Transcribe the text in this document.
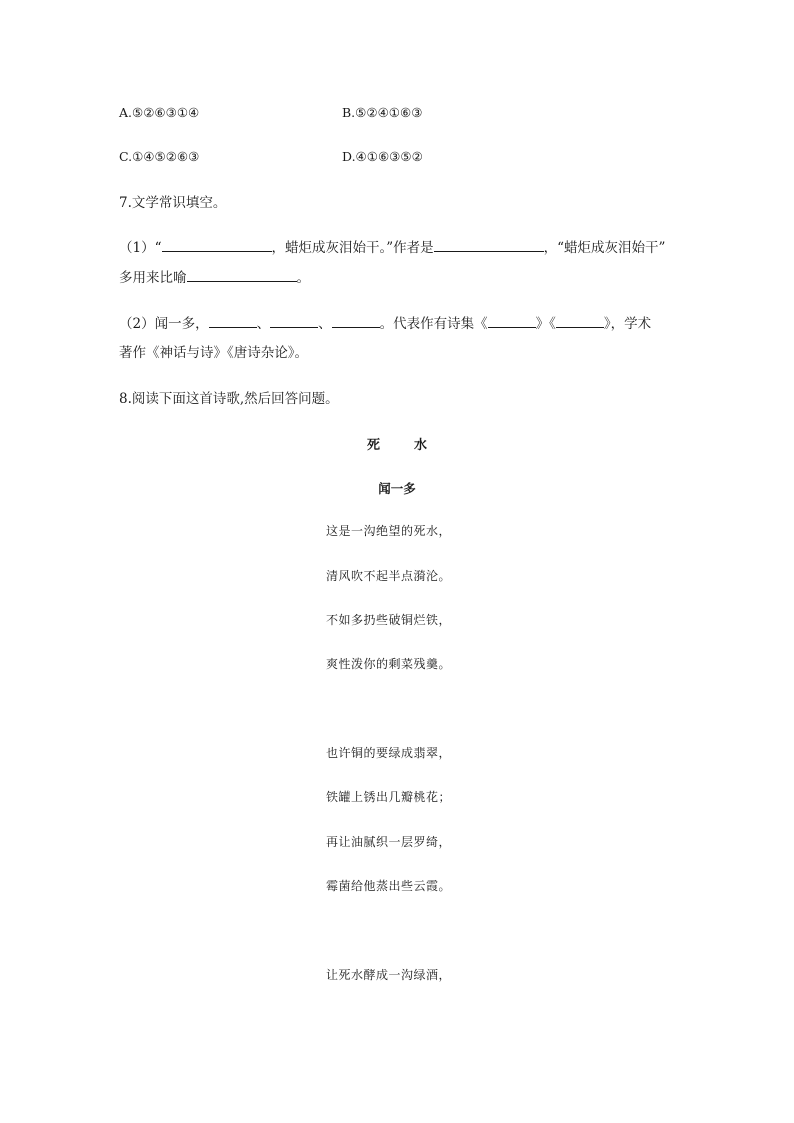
A.⑤②⑥③①④	B.⑤②④①⑥③
C.①④⑤②⑥③	D.④①⑥③⑤②
7.文学常识填空。
（1）“	，蜡炬成灰泪始干。”作者是	，“蜡炬成灰泪始干”
多用来比喻	。
（2）闻一多，	、	、	。代表作有诗集《	》《	》，学术
著作《神话与诗》《唐诗杂论》。
8.阅读下面这首诗歌,然后回答问题。
死	水
闻一多
这是一沟绝望的死水，
清风吹不起半点漪沦。
不如多扔些破铜烂铁，
爽性泼你的剩菜残羹。
也许铜的要绿成翡翠，
铁罐上锈出几瓣桃花；
再让油腻织一层罗绮，
霉菌给他蒸出些云霞。
让死水酵成一沟绿酒，
